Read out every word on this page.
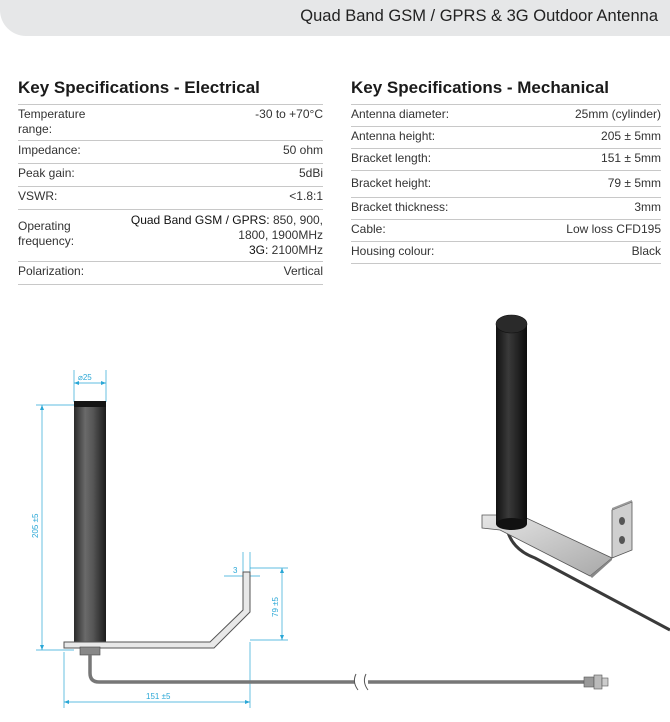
Quad Band GSM / GPRS & 3G Outdoor Antenna
Key Specifications - Electrical
Temperature range:	-30 to +70°C
Impedance:	50 ohm
Peak gain:	5dBi
VSWR:	<1.8:1
Operating frequency:	Quad Band GSM / GPRS: 850, 900,
1800, 1900MHz
3G: 2100MHz
Polarization:	Vertical
Key Specifications - Mechanical
Antenna diameter:	25mm (cylinder)
Antenna height:	205 ± 5mm
Bracket length:	151 ± 5mm
Bracket height:	79 ± 5mm
Bracket thickness:	3mm
Cable:	Low loss CFD195
Housing colour:	Black
⌀25
205 ±5
3
79 ±5
151 ±5
